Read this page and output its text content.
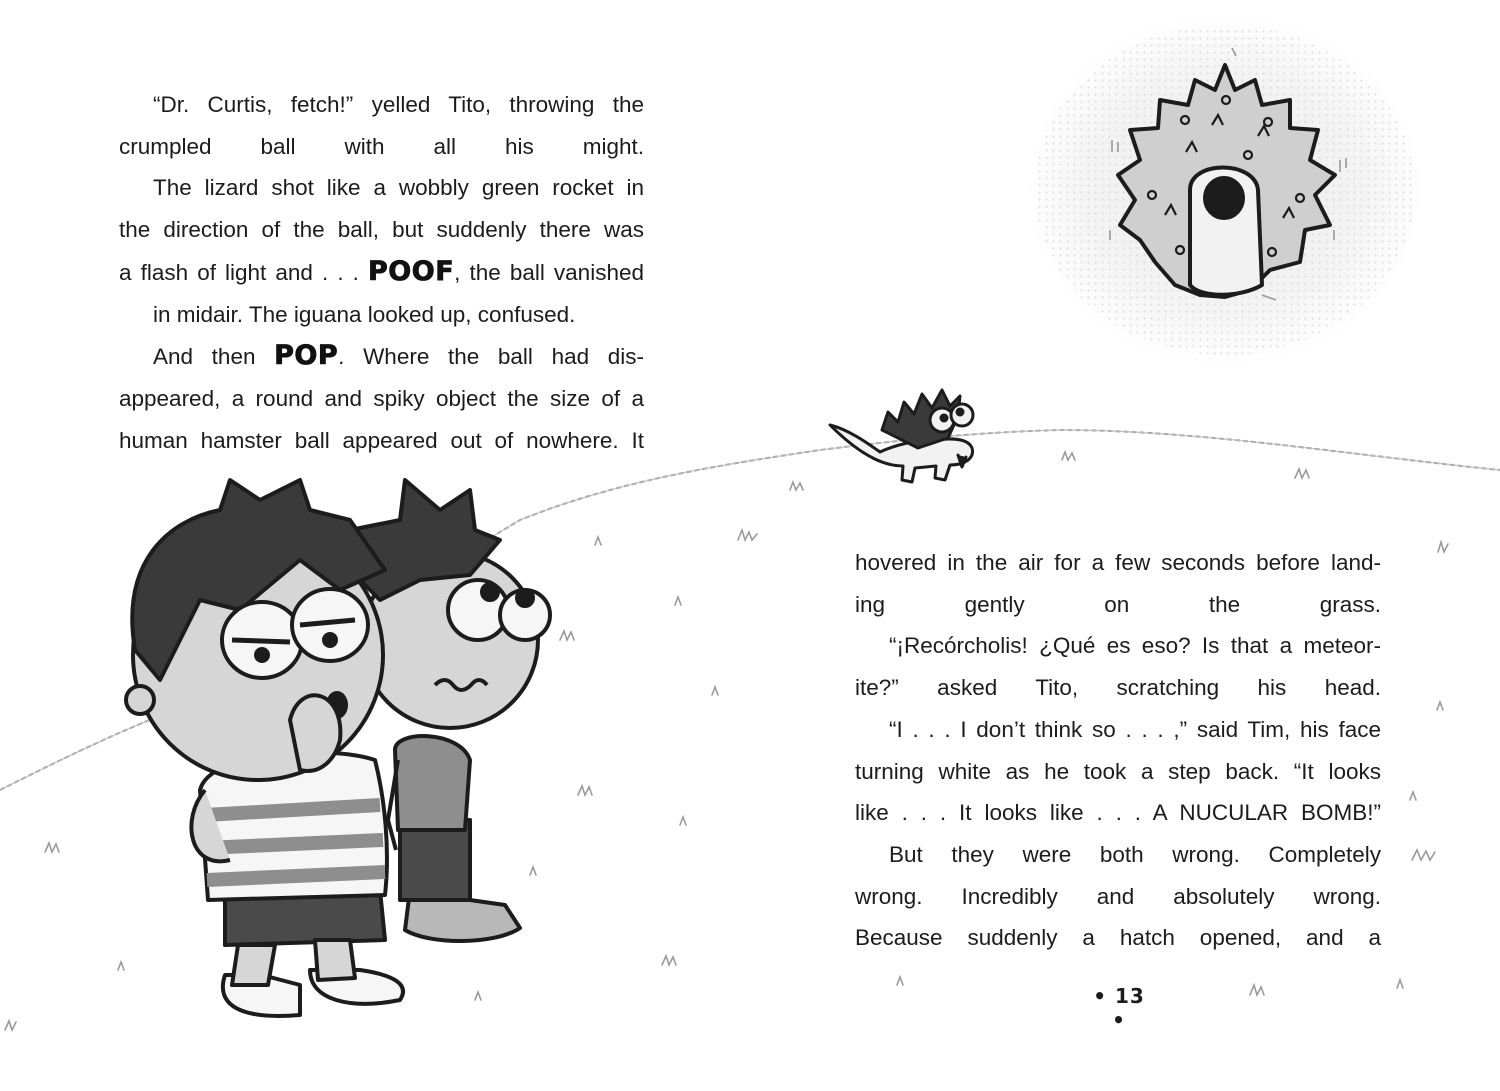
“Dr. Curtis, fetch!” yelled Tito, throwing the
crumpled ball with all his might.

The lizard shot like a wobbly green rocket in
the direction of the ball, but suddenly there was
a flash of light and . . . POOF, the ball vanished
in midair. The iguana looked up, confused.

And then POP. Where the ball had dis-
appeared, a round and spiky object the size of a
human hamster ball appeared out of nowhere. It

hovered in the air for a few seconds before land-
ing gently on the grass.

“¡Recórcholis! ¿Qué es eso? Is that a meteor-
ite?” asked Tito, scratching his head.

“I . . . I don’t think so . . . ,” said Tim, his face
turning white as he took a step back. “It looks
like . . . It looks like . . . A NUCULAR BOMB!”

But they were both wrong. Completely
wrong. Incredibly and absolutely wrong.
Because suddenly a hatch opened, and a

• 13 •
